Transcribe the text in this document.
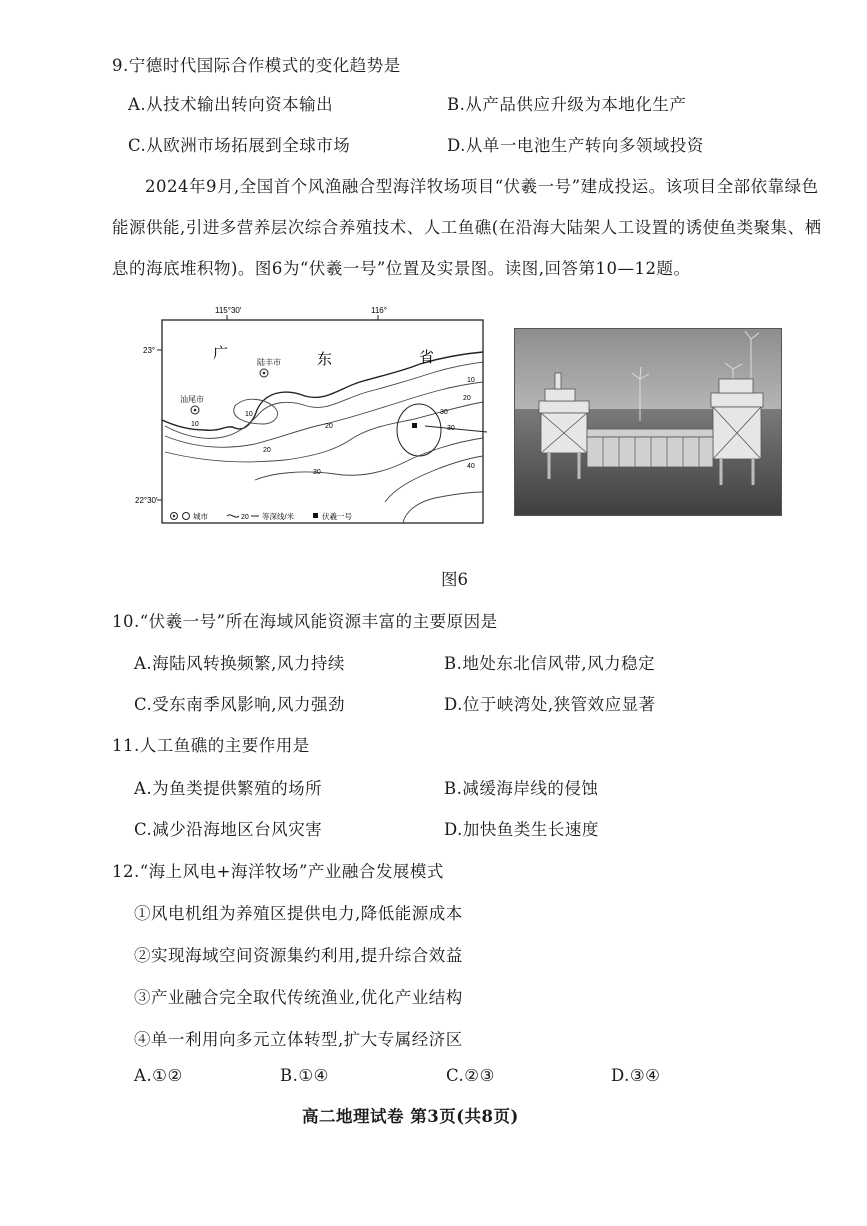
9.宁德时代国际合作模式的变化趋势是
A.从技术输出转向资本输出	B.从产品供应升级为本地化生产
C.从欧洲市场拓展到全球市场	D.从单一电池生产转向多领域投资
2024年9月,全国首个风渔融合型海洋牧场项目“伏羲一号”建成投运。该项目全部依靠绿色能源供能,引进多营养层次综合养殖技术、人工鱼礁(在沿海大陆架人工设置的诱使鱼类聚集、栖息的海底堆积物)。图6为“伏羲一号”位置及实景图。读图,回答第10—12题。
115°30′	116°
23°
22°30′
广	东	省
陆丰市
汕尾市
10
10
10
20
20
20
30
30
30
40
城市	20 等深线/米	伏羲一号
图6
10.“伏羲一号”所在海域风能资源丰富的主要原因是
A.海陆风转换频繁,风力持续	B.地处东北信风带,风力稳定
C.受东南季风影响,风力强劲	D.位于峡湾处,狭管效应显著
11.人工鱼礁的主要作用是
A.为鱼类提供繁殖的场所	B.减缓海岸线的侵蚀
C.减少沿海地区台风灾害	D.加快鱼类生长速度
12.“海上风电+海洋牧场”产业融合发展模式
①风电机组为养殖区提供电力,降低能源成本
②实现海域空间资源集约利用,提升综合效益
③产业融合完全取代传统渔业,优化产业结构
④单一利用向多元立体转型,扩大专属经济区
A.①②	B.①④	C.②③	D.③④
高二地理试卷 第3页(共8页)
